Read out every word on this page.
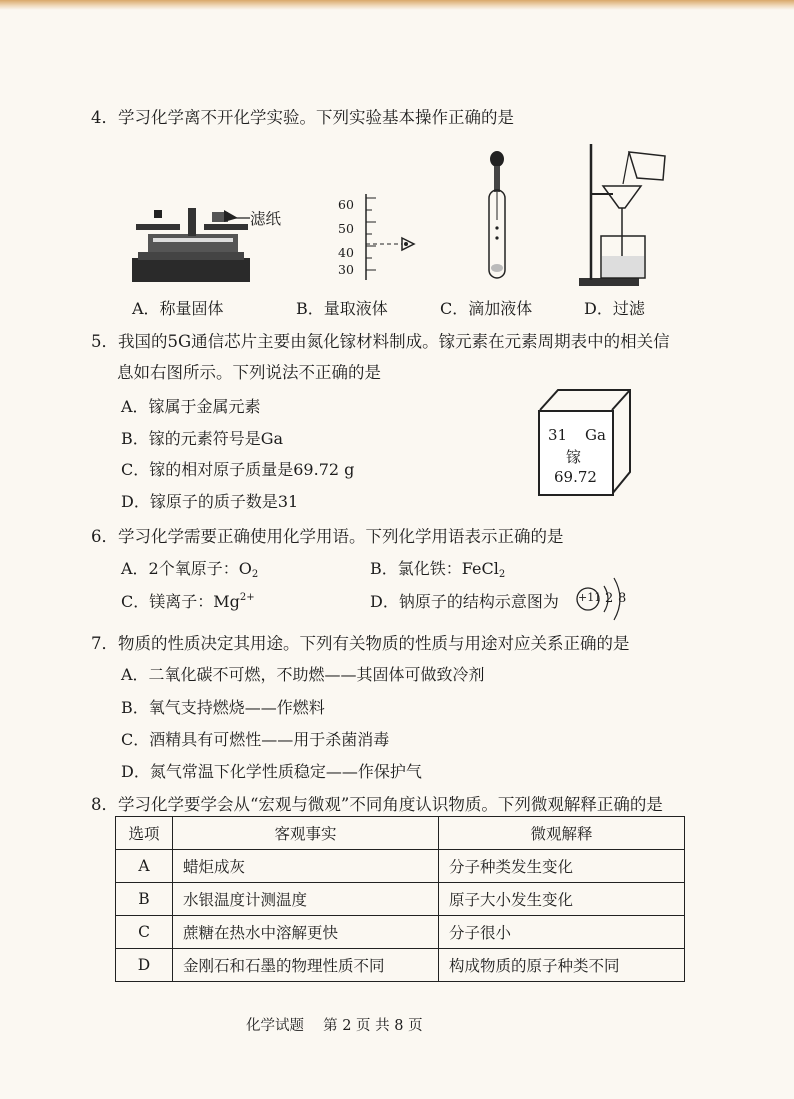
4．学习化学离不开化学实验。下列实验基本操作正确的是
滤纸
60
50
40
30
A．称量固体	B．量取液体	C．滴加液体	D．过滤
5．我国的5G通信芯片主要由氮化镓材料制成。镓元素在元素周期表中的相关信
息如右图所示。下列说法不正确的是
A．镓属于金属元素
B．镓的元素符号是Ga
C．镓的相对原子质量是69.72 g
D．镓原子的质子数是31
31 Ga
镓
69.72
6．学习化学需要正确使用化学用语。下列化学用语表示正确的是
A．2个氧原子：$O_2$	B．氯化铁：FeCl$_2$
C．镁离子：$Mg^{2+}$	D．钠原子的结构示意图为 +11 2 8
7．物质的性质决定其用途。下列有关物质的性质与用途对应关系正确的是
A．二氧化碳不可燃，不助燃——其固体可做致冷剂
B．氧气支持燃烧——作燃料
C．酒精具有可燃性——用于杀菌消毒
D．氮气常温下化学性质稳定——作保护气
8．学习化学要学会从“宏观与微观”不同角度认识物质。下列微观解释正确的是
选项	客观事实	微观解释
A	蜡炬成灰	分子种类发生变化
B	水银温度计测温度	原子大小发生变化
C	蔗糖在热水中溶解更快	分子很小
D	金刚石和石墨的物理性质不同	构成物质的原子种类不同
化学试题　 第 2 页 共 8 页
